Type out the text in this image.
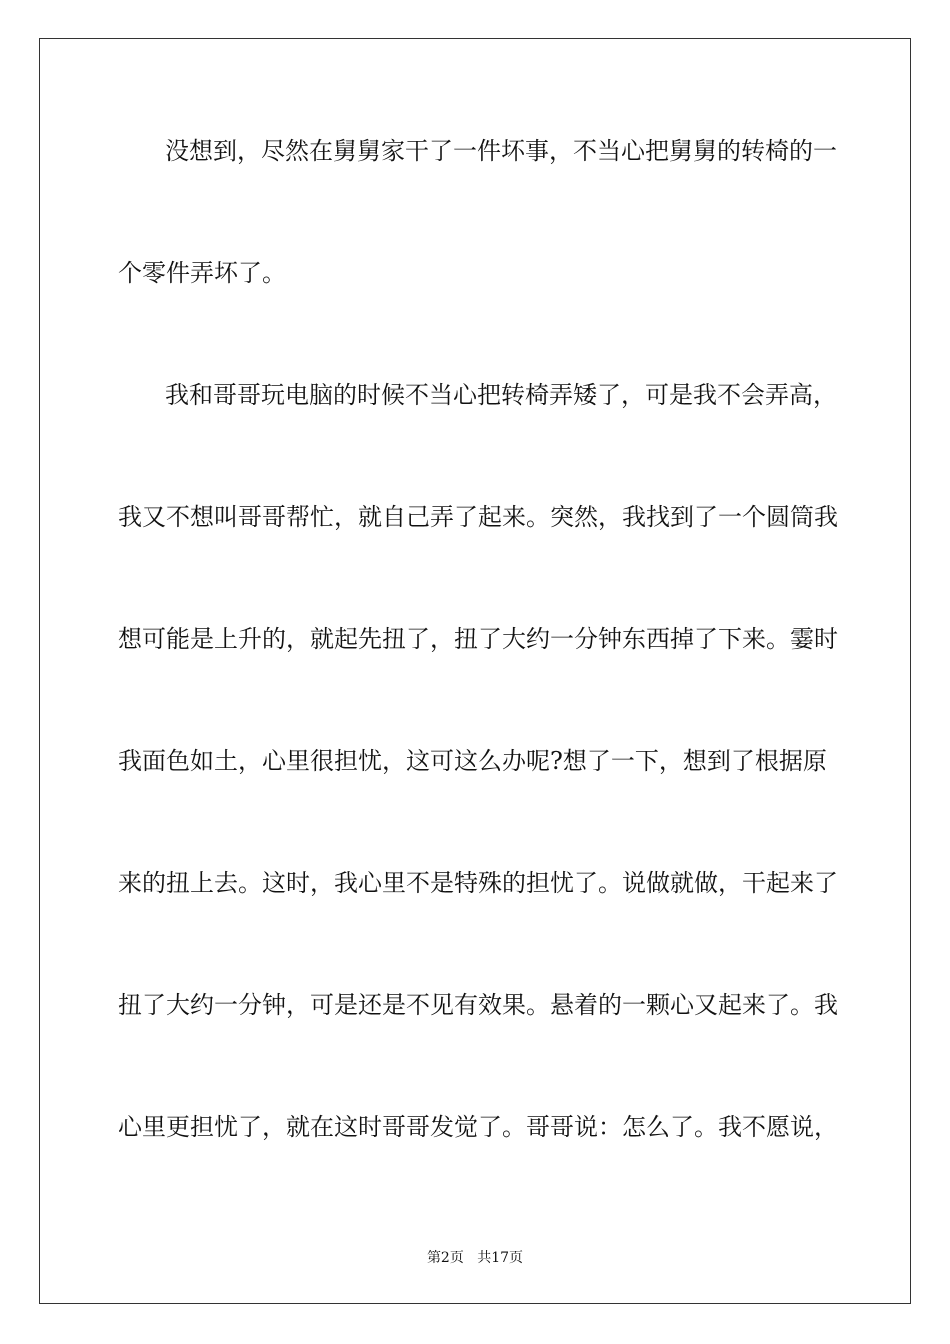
没想到，尽然在舅舅家干了一件坏事，不当心把舅舅的转椅的一

个零件弄坏了。

我和哥哥玩电脑的时候不当心把转椅弄矮了，可是我不会弄高，

我又不想叫哥哥帮忙，就自己弄了起来。突然，我找到了一个圆筒我

想可能是上升的，就起先扭了，扭了大约一分钟东西掉了下来。霎时

我面色如土，心里很担忧，这可这么办呢?想了一下，想到了根据原

来的扭上去。这时，我心里不是特殊的担忧了。说做就做，干起来了

扭了大约一分钟，可是还是不见有效果。悬着的一颗心又起来了。我

心里更担忧了，就在这时哥哥发觉了。哥哥说：怎么了。我不愿说，

第2页 共17页
